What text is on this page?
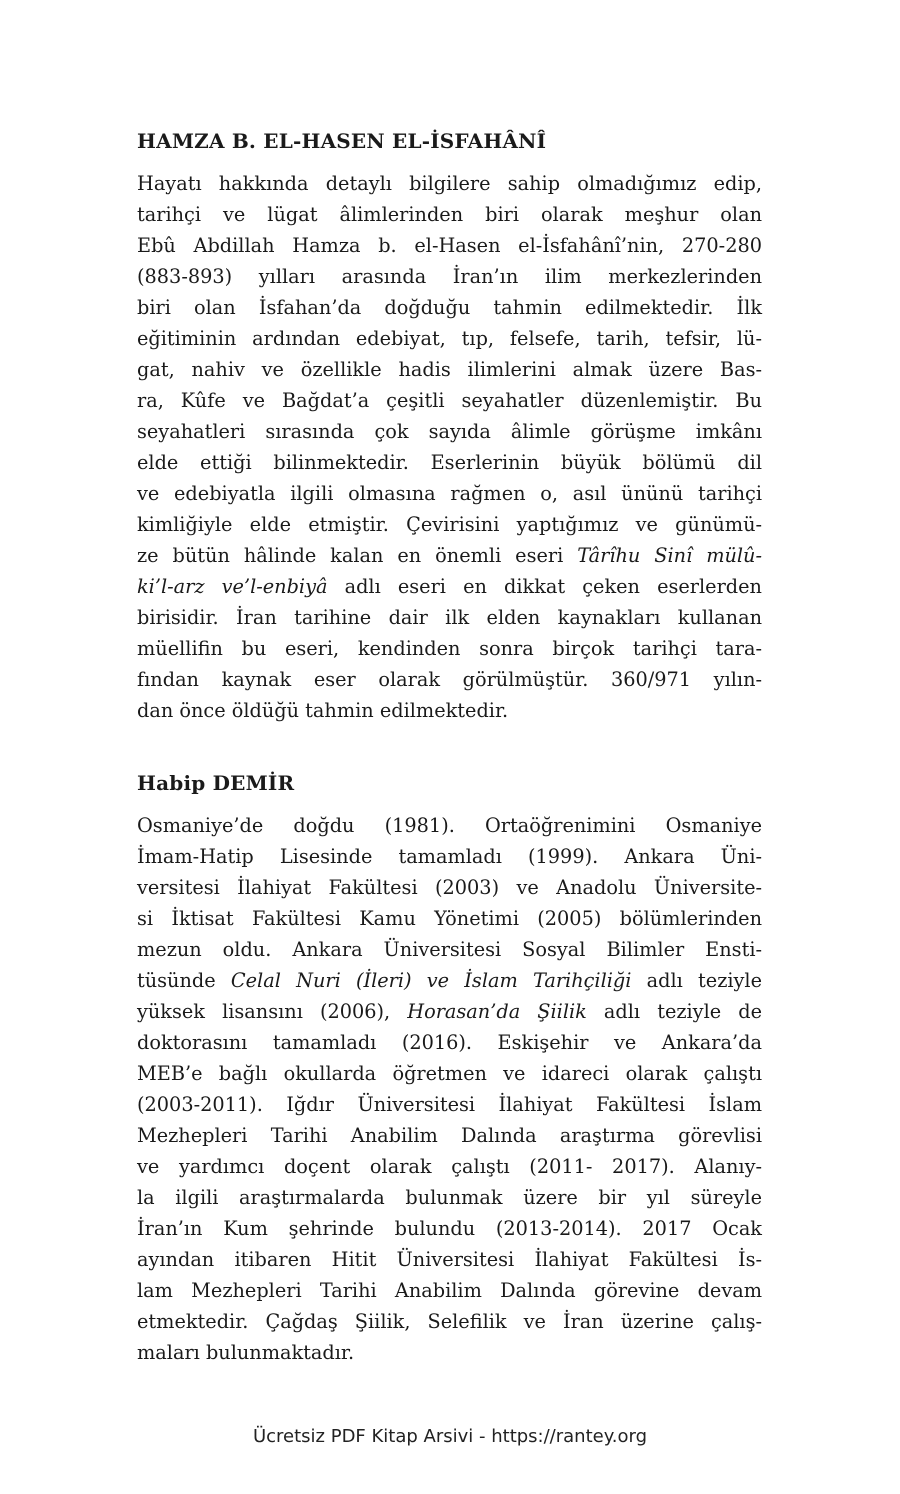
HAMZA B. EL-HASEN EL-İSFAHÂNÎ

Hayatı hakkında detaylı bilgilere sahip olmadığımız edip,
tarihçi ve lügat âlimlerinden biri olarak meşhur olan
Ebû Abdillah Hamza b. el-Hasen el-İsfahânî’nin, 270-280
(883-893) yılları arasında İran’ın ilim merkezlerinden
biri olan İsfahan’da doğduğu tahmin edilmektedir. İlk
eğitiminin ardından edebiyat, tıp, felsefe, tarih, tefsir, lü-
gat, nahiv ve özellikle hadis ilimlerini almak üzere Bas-
ra, Kûfe ve Bağdat’a çeşitli seyahatler düzenlemiştir. Bu
seyahatleri sırasında çok sayıda âlimle görüşme imkânı
elde ettiği bilinmektedir. Eserlerinin büyük bölümü dil
ve edebiyatla ilgili olmasına rağmen o, asıl ününü tarihçi
kimliğiyle elde etmiştir. Çevirisini yaptığımız ve günümü-
ze bütün hâlinde kalan en önemli eseri Târîhu Sinî mülû-
ki’l-arz ve’l-enbiyâ adlı eseri en dikkat çeken eserlerden
birisidir. İran tarihine dair ilk elden kaynakları kullanan
müellifin bu eseri, kendinden sonra birçok tarihçi tara-
fından kaynak eser olarak görülmüştür. 360/971 yılın-
dan önce öldüğü tahmin edilmektedir.

Habip DEMİR

Osmaniye’de doğdu (1981). Ortaöğrenimini Osmaniye
İmam-Hatip Lisesinde tamamladı (1999). Ankara Üni-
versitesi İlahiyat Fakültesi (2003) ve Anadolu Üniversite-
si İktisat Fakültesi Kamu Yönetimi (2005) bölümlerinden
mezun oldu. Ankara Üniversitesi Sosyal Bilimler Ensti-
tüsünde Celal Nuri (İleri) ve İslam Tarihçiliği adlı teziyle
yüksek lisansını (2006), Horasan’da Şiilik adlı teziyle de
doktorasını tamamladı (2016). Eskişehir ve Ankara’da
MEB’e bağlı okullarda öğretmen ve idareci olarak çalıştı
(2003-2011). Iğdır Üniversitesi İlahiyat Fakültesi İslam
Mezhepleri Tarihi Anabilim Dalında araştırma görevlisi
ve yardımcı doçent olarak çalıştı (2011- 2017). Alanıy-
la ilgili araştırmalarda bulunmak üzere bir yıl süreyle
İran’ın Kum şehrinde bulundu (2013-2014). 2017 Ocak
ayından itibaren Hitit Üniversitesi İlahiyat Fakültesi İs-
lam Mezhepleri Tarihi Anabilim Dalında görevine devam
etmektedir. Çağdaş Şiilik, Selefilik ve İran üzerine çalış-
maları bulunmaktadır.

Ücretsiz PDF Kitap Arsivi - https://rantey.org
